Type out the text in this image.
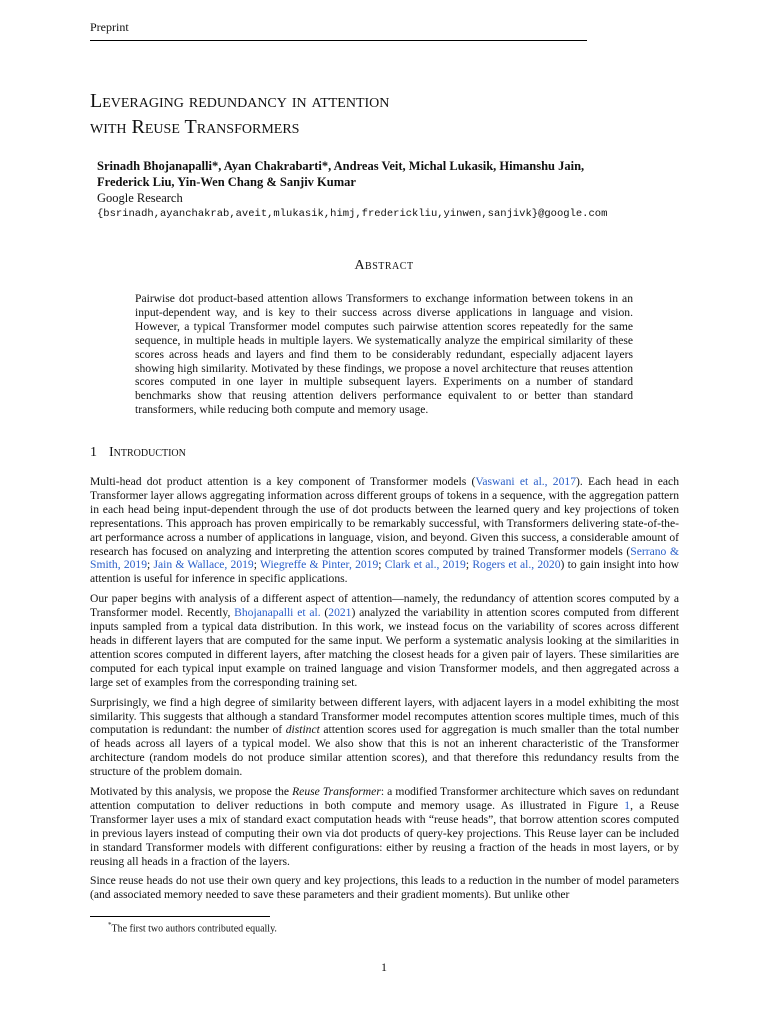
Preprint
Leveraging redundancy in attention
with Reuse Transformers
Srinadh Bhojanapalli*, Ayan Chakrabarti*, Andreas Veit, Michal Lukasik, Himanshu Jain,
Frederick Liu, Yin-Wen Chang & Sanjiv Kumar
Google Research
{bsrinadh,ayanchakrab,aveit,mlukasik,himj,frederickliu,yinwen,sanjivk}@google.com
Abstract

Pairwise dot product-based attention allows Transformers to exchange information between tokens in an input-dependent way, and is key to their success across diverse applications in language and vision. However, a typical Transformer model computes such pairwise attention scores repeatedly for the same sequence, in multiple heads in multiple layers. We systematically analyze the empirical similarity of these scores across heads and layers and find them to be considerably redundant, especially adjacent layers showing high similarity. Motivated by these findings, we propose a novel architecture that reuses attention scores computed in one layer in multiple subsequent layers. Experiments on a number of standard benchmarks show that reusing attention delivers performance equivalent to or better than standard transformers, while reducing both compute and memory usage.

1 Introduction

Multi-head dot product attention is a key component of Transformer models (Vaswani et al., 2017). Each head in each Transformer layer allows aggregating information across different groups of tokens in a sequence, with the aggregation pattern in each head being input-dependent through the use of dot products between the learned query and key projections of token representations. This approach has proven empirically to be remarkably successful, with Transformers delivering state-of-the-art performance across a number of applications in language, vision, and beyond. Given this success, a considerable amount of research has focused on analyzing and interpreting the attention scores computed by trained Transformer models (Serrano & Smith, 2019; Jain & Wallace, 2019; Wiegreffe & Pinter, 2019; Clark et al., 2019; Rogers et al., 2020) to gain insight into how attention is useful for inference in specific applications.

Our paper begins with analysis of a different aspect of attention—namely, the redundancy of attention scores computed by a Transformer model. Recently, Bhojanapalli et al. (2021) analyzed the variability in attention scores computed from different inputs sampled from a typical data distribution. In this work, we instead focus on the variability of scores across different heads in different layers that are computed for the same input. We perform a systematic analysis looking at the similarities in attention scores computed in different layers, after matching the closest heads for a given pair of layers. These similarities are computed for each typical input example on trained language and vision Transformer models, and then aggregated across a large set of examples from the corresponding training set.

Surprisingly, we find a high degree of similarity between different layers, with adjacent layers in a model exhibiting the most similarity. This suggests that although a standard Transformer model recomputes attention scores multiple times, much of this computation is redundant: the number of distinct attention scores used for aggregation is much smaller than the total number of heads across all layers of a typical model. We also show that this is not an inherent characteristic of the Transformer architecture (random models do not produce similar attention scores), and that therefore this redundancy results from the structure of the problem domain.

Motivated by this analysis, we propose the Reuse Transformer: a modified Transformer architecture which saves on redundant attention computation to deliver reductions in both compute and memory usage. As illustrated in Figure 1, a Reuse Transformer layer uses a mix of standard exact computation heads with “reuse heads”, that borrow attention scores computed in previous layers instead of computing their own via dot products of query-key projections. This Reuse layer can be included in standard Transformer models with different configurations: either by reusing a fraction of the heads in most layers, or by reusing all heads in a fraction of the layers.

Since reuse heads do not use their own query and key projections, this leads to a reduction in the number of model parameters (and associated memory needed to save these parameters and their gradient moments). But unlike other

*The first two authors contributed equally.
1
